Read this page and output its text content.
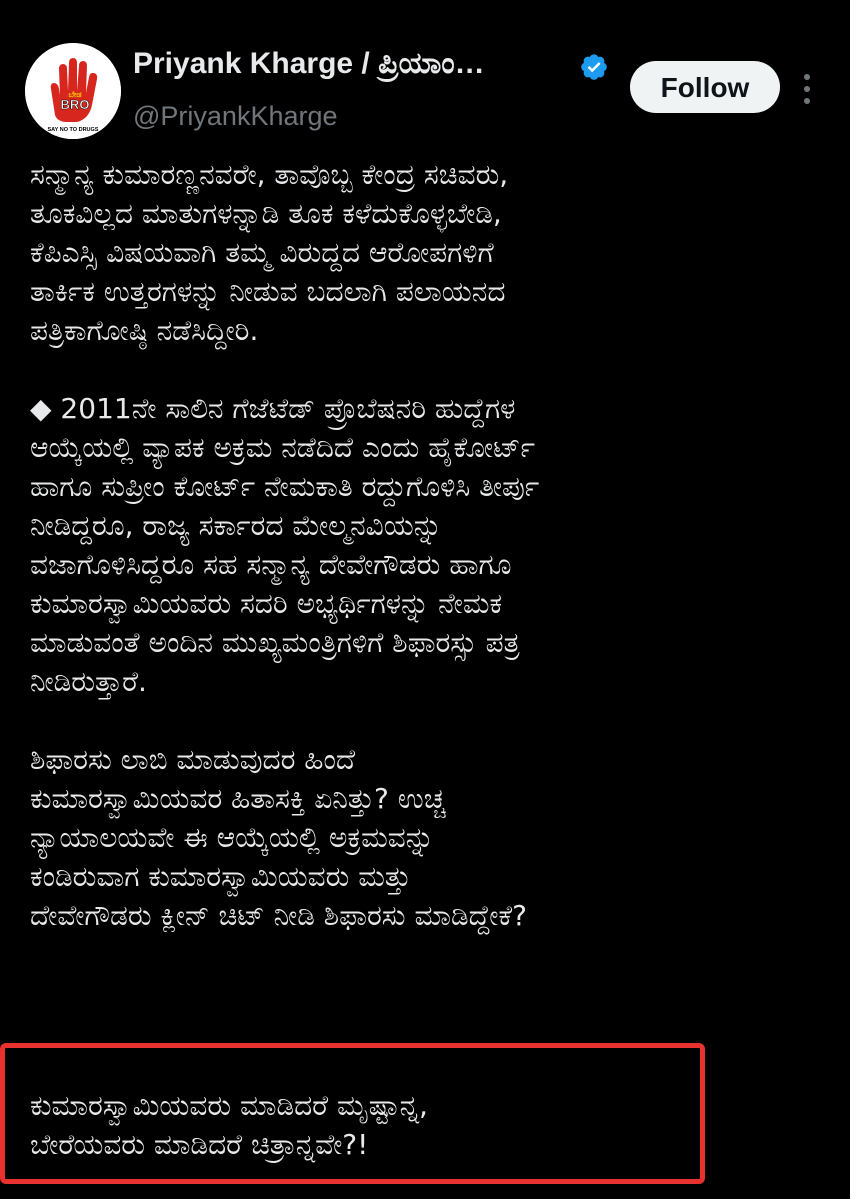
ಬೇಡ
BRO
SAY NO TO DRUGS
Priyank Kharge / ಪ್ರಿಯಾಂ…
@PriyankKharge
Follow
ಸನ್ಮಾನ್ಯ ಕುಮಾರಣ್ಣನವರೇ, ತಾವೊಬ್ಬ ಕೇಂದ್ರ ಸಚಿವರು,
ತೂಕವಿಲ್ಲದ ಮಾತುಗಳನ್ನಾಡಿ ತೂಕ ಕಳೆದುಕೊಳ್ಳಬೇಡಿ,
ಕೆಪಿಎಸ್ಸಿ ವಿಷಯವಾಗಿ ತಮ್ಮ ವಿರುದ್ದದ ಆರೋಪಗಳಿಗೆ
ತಾರ್ಕಿಕ ಉತ್ತರಗಳನ್ನು ನೀಡುವ ಬದಲಾಗಿ ಪಲಾಯನದ
ಪತ್ರಿಕಾಗೋಷ್ಠಿ ನಡೆಸಿದ್ದೀರಿ.
◆ 2011ನೇ ಸಾಲಿನ ಗೆಜೆಟೆಡ್ ಪ್ರೊಬೆಷನರಿ ಹುದ್ದೆಗಳ
ಆಯ್ಕೆಯಲ್ಲಿ ವ್ಯಾಪಕ ಅಕ್ರಮ ನಡೆದಿದೆ ಎಂದು ಹೈಕೋರ್ಟ್
ಹಾಗೂ ಸುಪ್ರೀಂ ಕೋರ್ಟ್ ನೇಮಕಾತಿ ರದ್ದುಗೊಳಿಸಿ ತೀರ್ಪು
ನೀಡಿದ್ದರೂ, ರಾಜ್ಯ ಸರ್ಕಾರದ ಮೇಲ್ಮನವಿಯನ್ನು
ವಜಾಗೊಳಿಸಿದ್ದರೂ ಸಹ ಸನ್ಮಾನ್ಯ ದೇವೇಗೌಡರು ಹಾಗೂ
ಕುಮಾರಸ್ವಾಮಿಯವರು ಸದರಿ ಅಭ್ಯರ್ಥಿಗಳನ್ನು ನೇಮಕ
ಮಾಡುವಂತೆ ಅಂದಿನ ಮುಖ್ಯಮಂತ್ರಿಗಳಿಗೆ ಶಿಫಾರಸ್ಸು ಪತ್ರ
ನೀಡಿರುತ್ತಾರೆ.
ಶಿಫಾರಸು ಲಾಬಿ ಮಾಡುವುದರ ಹಿಂದೆ
ಕುಮಾರಸ್ವಾಮಿಯವರ ಹಿತಾಸಕ್ತಿ ಏನಿತ್ತು? ಉಚ್ಚ
ನ್ಯಾಯಾಲಯವೇ ಈ ಆಯ್ಕೆಯಲ್ಲಿ ಅಕ್ರಮವನ್ನು
ಕಂಡಿರುವಾಗ ಕುಮಾರಸ್ವಾಮಿಯವರು ಮತ್ತು
ದೇವೇಗೌಡರು ಕ್ಲೀನ್ ಚಿಟ್ ನೀಡಿ ಶಿಫಾರಸು ಮಾಡಿದ್ದೇಕೆ?
ಕುಮಾರಸ್ವಾಮಿಯವರು ಮಾಡಿದರೆ ಮೃಷ್ಟಾನ್ನ,
ಬೇರೆಯವರು ಮಾಡಿದರೆ ಚಿತ್ರಾನ್ನವೇ?!
